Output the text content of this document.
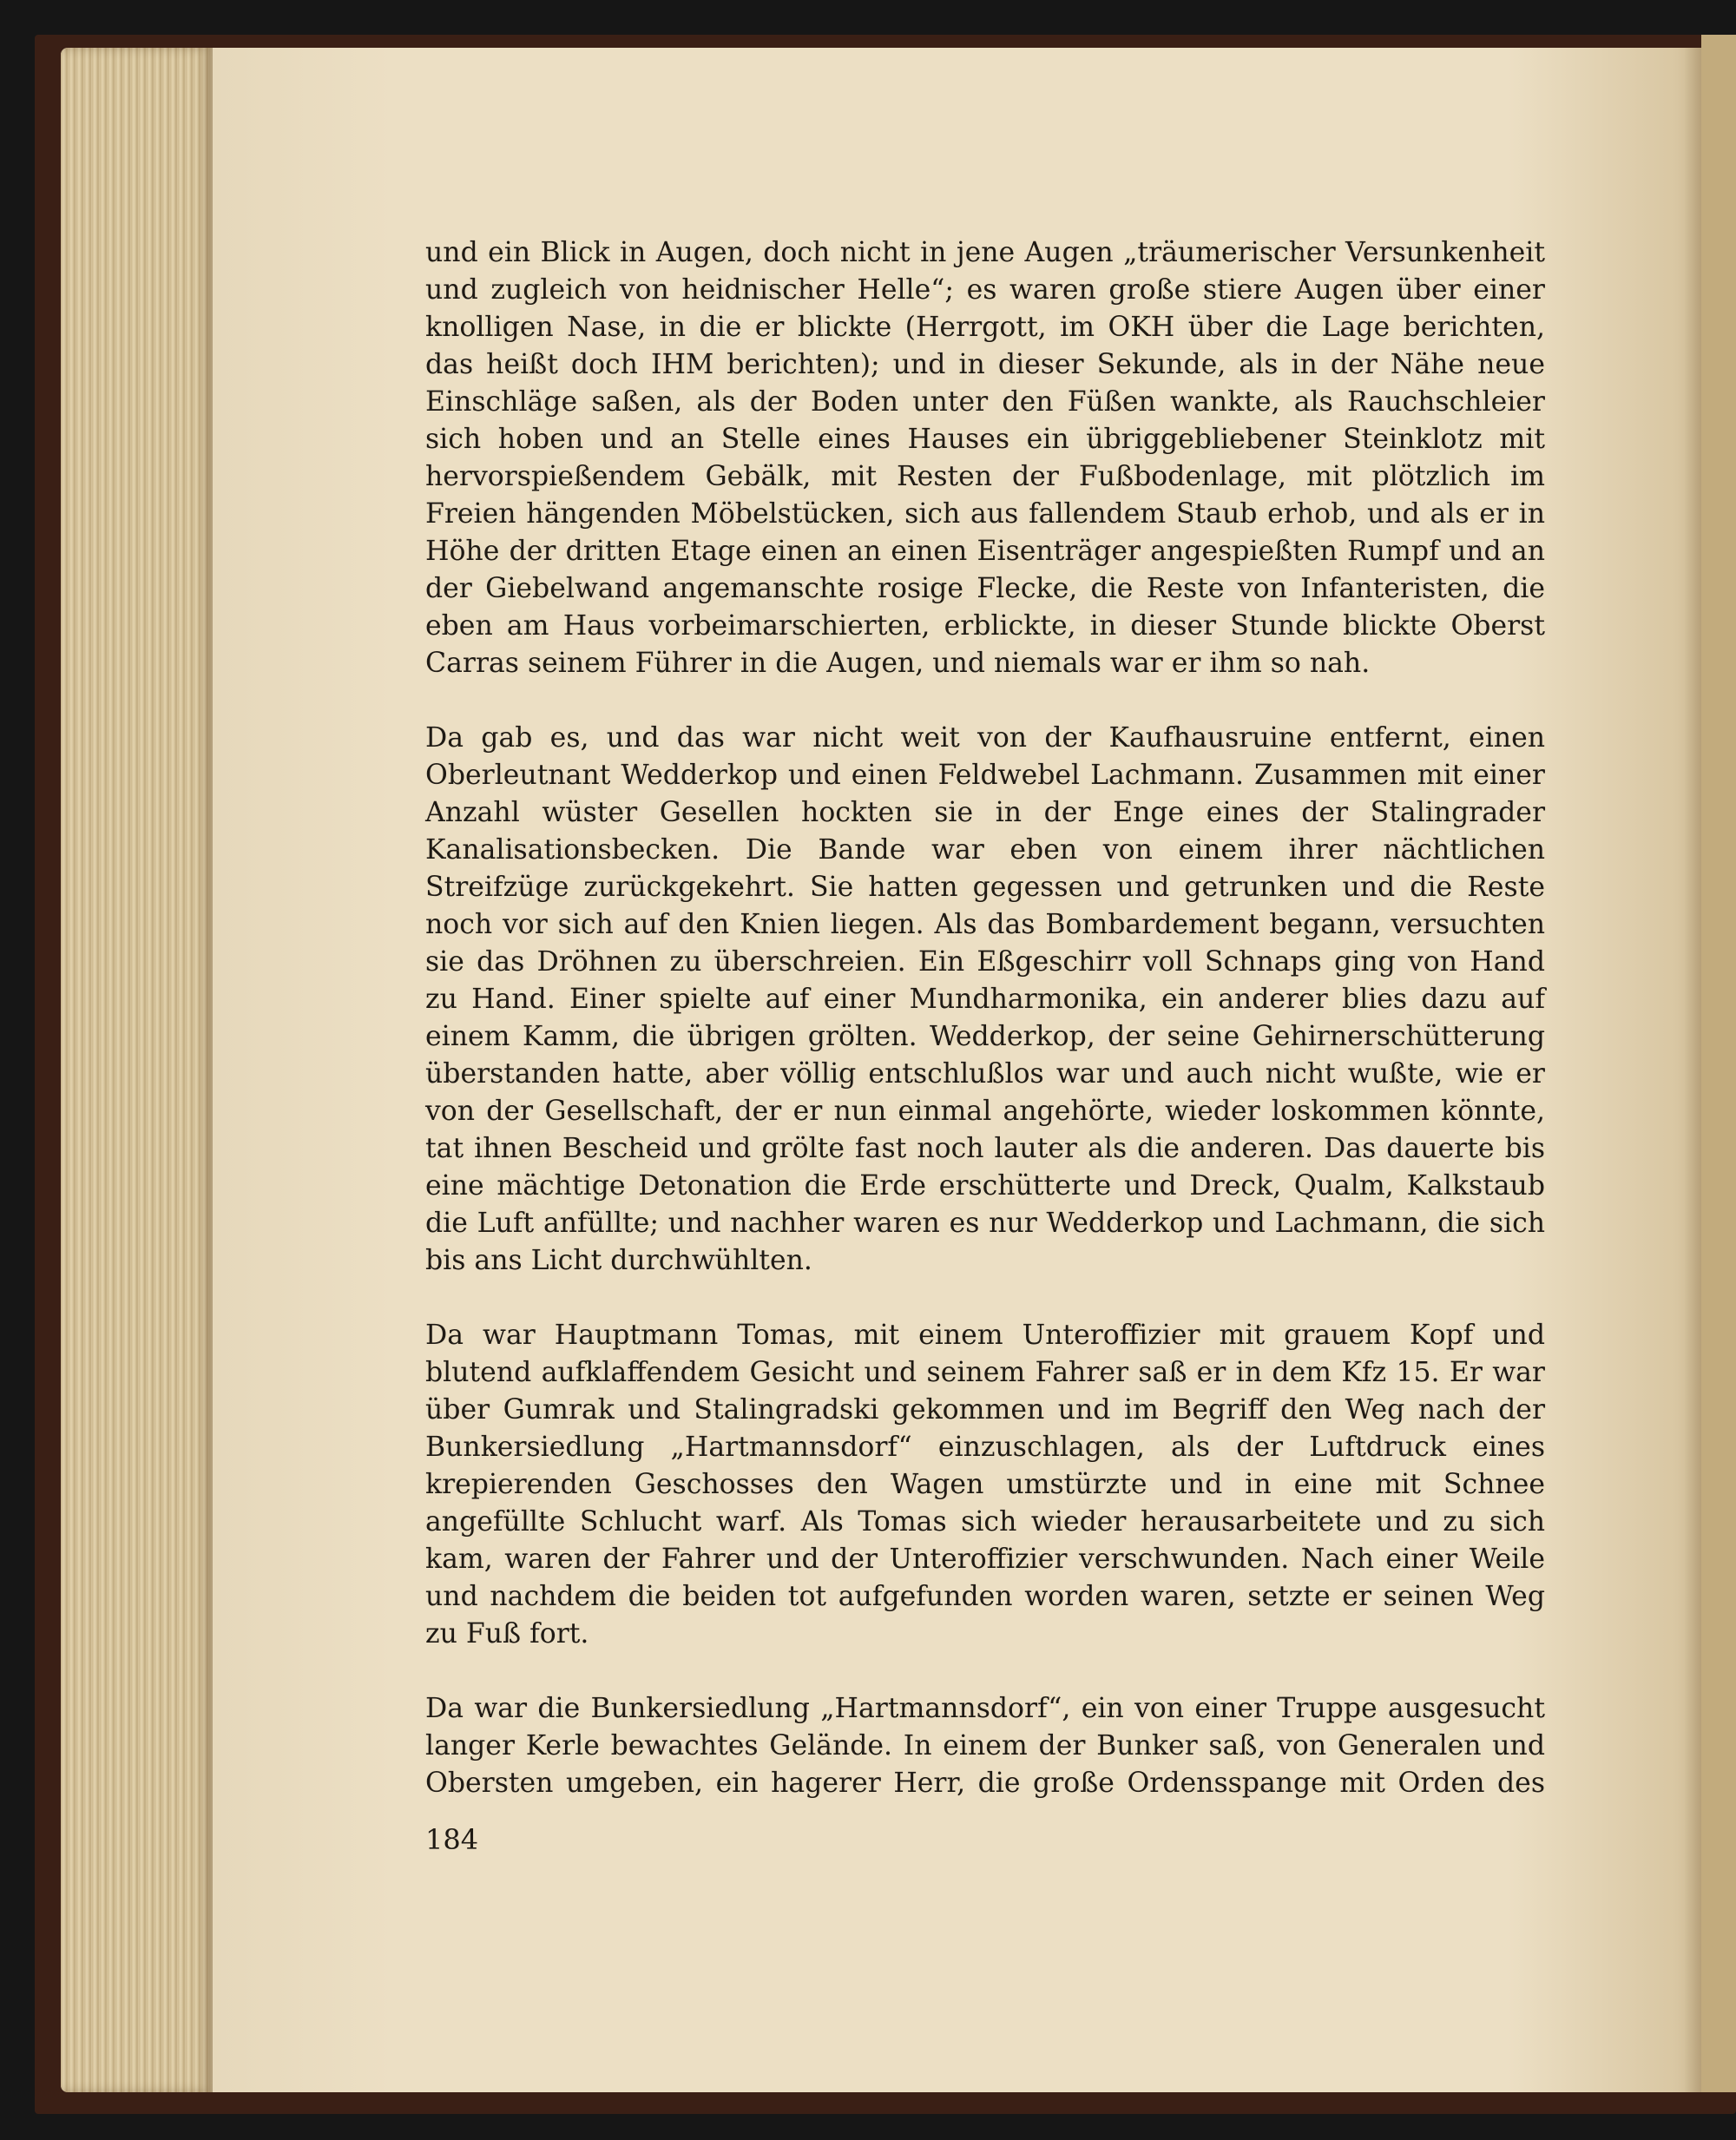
und ein Blick in Augen, doch nicht in jene Augen „träumerischer Versunkenheit und zugleich von heidnischer Helle“; es waren große stiere Augen über einer knolligen Nase, in die er blickte (Herrgott, im OKH über die Lage berichten, das heißt doch IHM berichten); und in dieser Sekunde, als in der Nähe neue Einschläge saßen, als der Boden unter den Füßen wankte, als Rauchschleier sich hoben und an Stelle eines Hauses ein übriggebliebener Steinklotz mit hervorspießendem Gebälk, mit Resten der Fußbodenlage, mit plötzlich im Freien hängenden Möbelstücken, sich aus fallendem Staub erhob, und als er in Höhe der dritten Etage einen an einen Eisenträger angespießten Rumpf und an der Giebelwand angemanschte rosige Flecke, die Reste von Infanteristen, die eben am Haus vorbeimarschierten, erblickte, in dieser Stunde blickte Oberst Carras seinem Führer in die Augen, und niemals war er ihm so nah.

Da gab es, und das war nicht weit von der Kaufhausruine entfernt, einen Oberleutnant Wedderkop und einen Feldwebel Lachmann. Zusammen mit einer Anzahl wüster Gesellen hockten sie in der Enge eines der Stalingrader Kanalisationsbecken. Die Bande war eben von einem ihrer nächtlichen Streifzüge zurückgekehrt. Sie hatten gegessen und getrunken und die Reste noch vor sich auf den Knien liegen. Als das Bombardement begann, versuchten sie das Dröhnen zu überschreien. Ein Eßgeschirr voll Schnaps ging von Hand zu Hand. Einer spielte auf einer Mundharmonika, ein anderer blies dazu auf einem Kamm, die übrigen grölten. Wedderkop, der seine Gehirnerschütterung überstanden hatte, aber völlig entschlußlos war und auch nicht wußte, wie er von der Gesellschaft, der er nun einmal angehörte, wieder loskommen könnte, tat ihnen Bescheid und grölte fast noch lauter als die anderen. Das dauerte bis eine mächtige Detonation die Erde erschütterte und Dreck, Qualm, Kalkstaub die Luft anfüllte; und nachher waren es nur Wedderkop und Lachmann, die sich bis ans Licht durchwühlten.

Da war Hauptmann Tomas, mit einem Unteroffizier mit grauem Kopf und blutend aufklaffendem Gesicht und seinem Fahrer saß er in dem Kfz 15. Er war über Gumrak und Stalingradski gekommen und im Begriff den Weg nach der Bunkersiedlung „Hartmannsdorf“ einzuschlagen, als der Luftdruck eines krepierenden Geschosses den Wagen umstürzte und in eine mit Schnee angefüllte Schlucht warf. Als Tomas sich wieder herausarbeitete und zu sich kam, waren der Fahrer und der Unteroffizier verschwunden. Nach einer Weile und nachdem die beiden tot aufgefunden worden waren, setzte er seinen Weg zu Fuß fort.

Da war die Bunkersiedlung „Hartmannsdorf“, ein von einer Truppe ausgesucht langer Kerle bewachtes Gelände. In einem der Bunker saß, von Generalen und Obersten umgeben, ein hagerer Herr, die große Ordensspange mit Orden des

184
